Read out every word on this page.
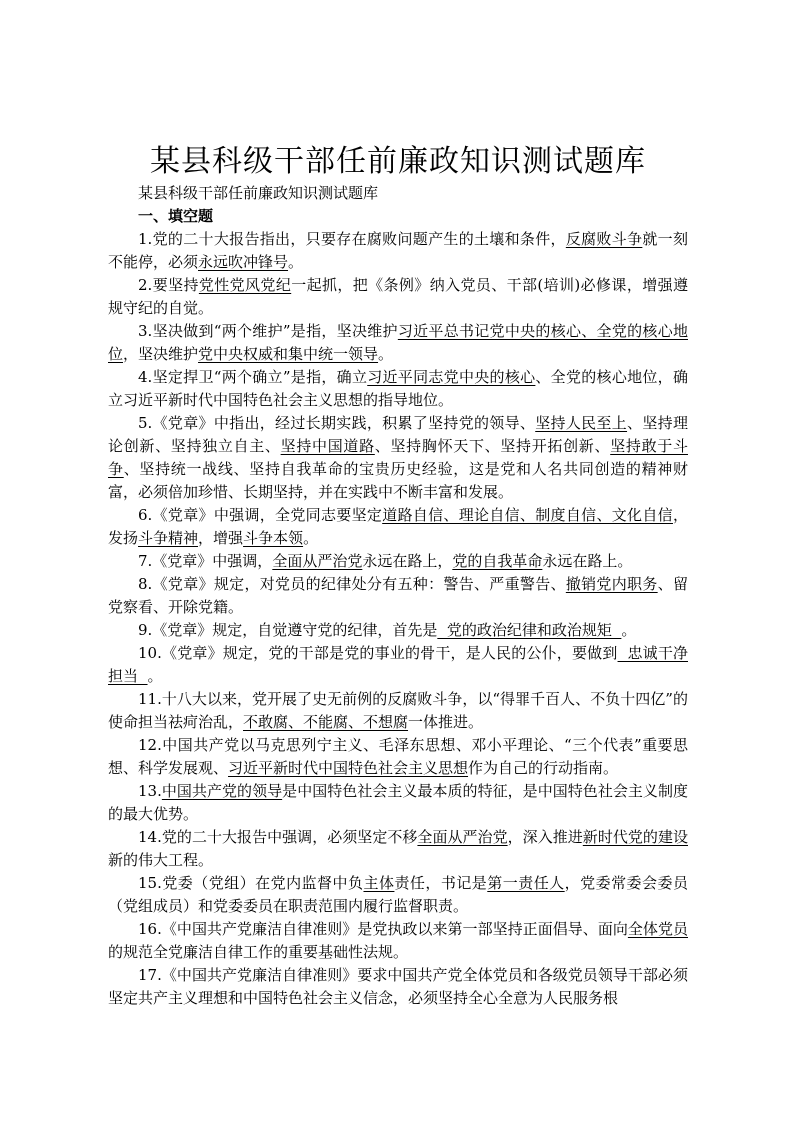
某县科级干部任前廉政知识测试题库

某县科级干部任前廉政知识测试题库

一、填空题

1.党的二十大报告指出，只要存在腐败问题产生的土壤和条件，反腐败斗争就一刻不能停，必须永远吹冲锋号。

2.要坚持党性党风党纪一起抓，把《条例》纳入党员、干部(培训)必修课，增强遵规守纪的自觉。

3.坚决做到“两个维护”是指，坚决维护习近平总书记党中央的核心、全党的核心地位，坚决维护党中央权威和集中统一领导。

4.坚定捍卫“两个确立”是指，确立习近平同志党中央的核心、全党的核心地位，确立习近平新时代中国特色社会主义思想的指导地位。

5.《党章》中指出，经过长期实践，积累了坚持党的领导、坚持人民至上、坚持理论创新、坚持独立自主、坚持中国道路、坚持胸怀天下、坚持开拓创新、坚持敢于斗争、坚持统一战线、坚持自我革命的宝贵历史经验，这是党和人名共同创造的精神财富，必须倍加珍惜、长期坚持，并在实践中不断丰富和发展。

6.《党章》中强调，全党同志要坚定道路自信、理论自信、制度自信、文化自信，发扬斗争精神，增强斗争本领。

7.《党章》中强调，全面从严治党永远在路上，党的自我革命永远在路上。

8.《党章》规定，对党员的纪律处分有五种：警告、严重警告、撤销党内职务、留党察看、开除党籍。

9.《党章》规定，自觉遵守党的纪律，首先是  党的政治纪律和政治规矩  。

10.《党章》规定，党的干部是党的事业的骨干，是人民的公仆，要做到  忠诚干净担当  。

11.十八大以来，党开展了史无前例的反腐败斗争，以“得罪千百人、不负十四亿”的使命担当祛疴治乱，不敢腐、不能腐、不想腐一体推进。

12.中国共产党以马克思列宁主义、毛泽东思想、邓小平理论、“三个代表”重要思想、科学发展观、习近平新时代中国特色社会主义思想作为自己的行动指南。

13.中国共产党的领导是中国特色社会主义最本质的特征，是中国特色社会主义制度的最大优势。

14.党的二十大报告中强调，必须坚定不移全面从严治党，深入推进新时代党的建设新的伟大工程。

15.党委（党组）在党内监督中负主体责任，书记是第一责任人，党委常委会委员（党组成员）和党委委员在职责范围内履行监督职责。

16.《中国共产党廉洁自律准则》是党执政以来第一部坚持正面倡导、面向全体党员的规范全党廉洁自律工作的重要基础性法规。

17.《中国共产党廉洁自律准则》要求中国共产党全体党员和各级党员领导干部必须坚定共产主义理想和中国特色社会主义信念，必须坚持全心全意为人民服务根
